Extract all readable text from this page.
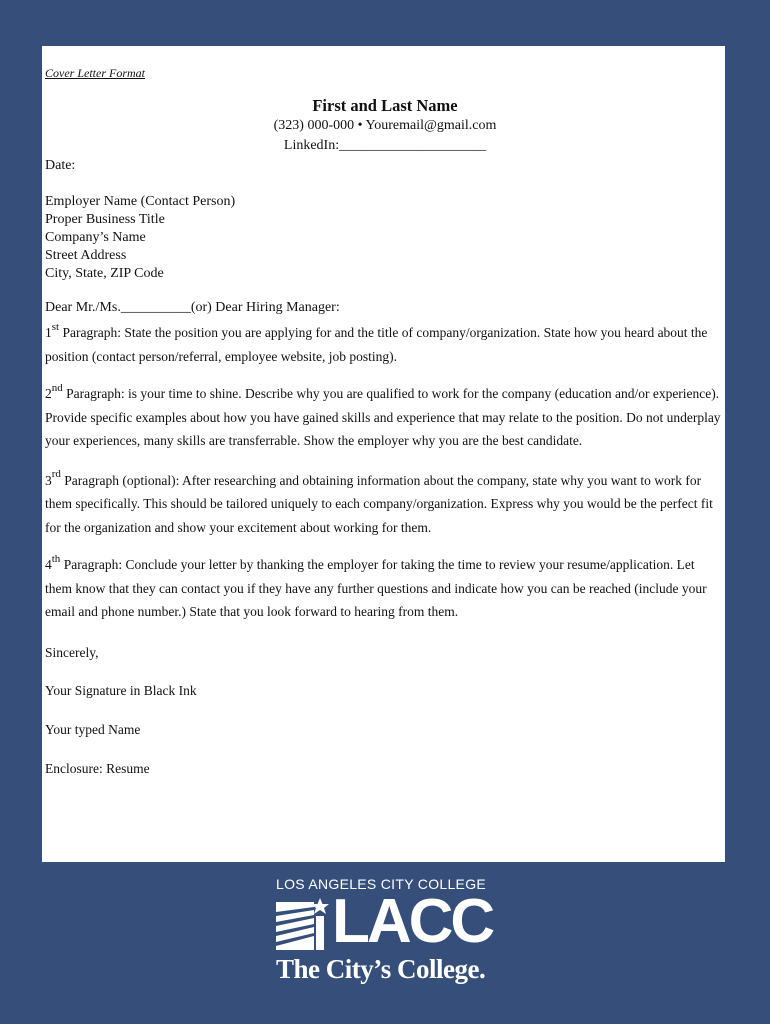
Cover Letter Format

First and Last Name

(323) 000-000 • Youremail@gmail.com

LinkedIn:_____________________

Date:

Employer Name (Contact Person)
Proper Business Title
Company’s Name
Street Address
City, State, ZIP Code

Dear Mr./Ms.__________(or) Dear Hiring Manager:

1st Paragraph: State the position you are applying for and the title of company/organization. State how you heard about the position (contact person/referral, employee website, job posting).

2nd Paragraph: is your time to shine. Describe why you are qualified to work for the company (education and/or experience). Provide specific examples about how you have gained skills and experience that may relate to the position. Do not underplay your experiences, many skills are transferrable. Show the employer why you are the best candidate.

3rd Paragraph (optional): After researching and obtaining information about the company, state why you want to work for them specifically. This should be tailored uniquely to each company/organization. Express why you would be the perfect fit for the organization and show your excitement about working for them.

4th Paragraph: Conclude your letter by thanking the employer for taking the time to review your resume/application. Let them know that they can contact you if they have any further questions and indicate how you can be reached (include your email and phone number.) State that you look forward to hearing from them.

Sincerely,

Your Signature in Black Ink

Your typed Name

Enclosure: Resume

LOS ANGELES CITY COLLEGE

LACC

The City’s College.
